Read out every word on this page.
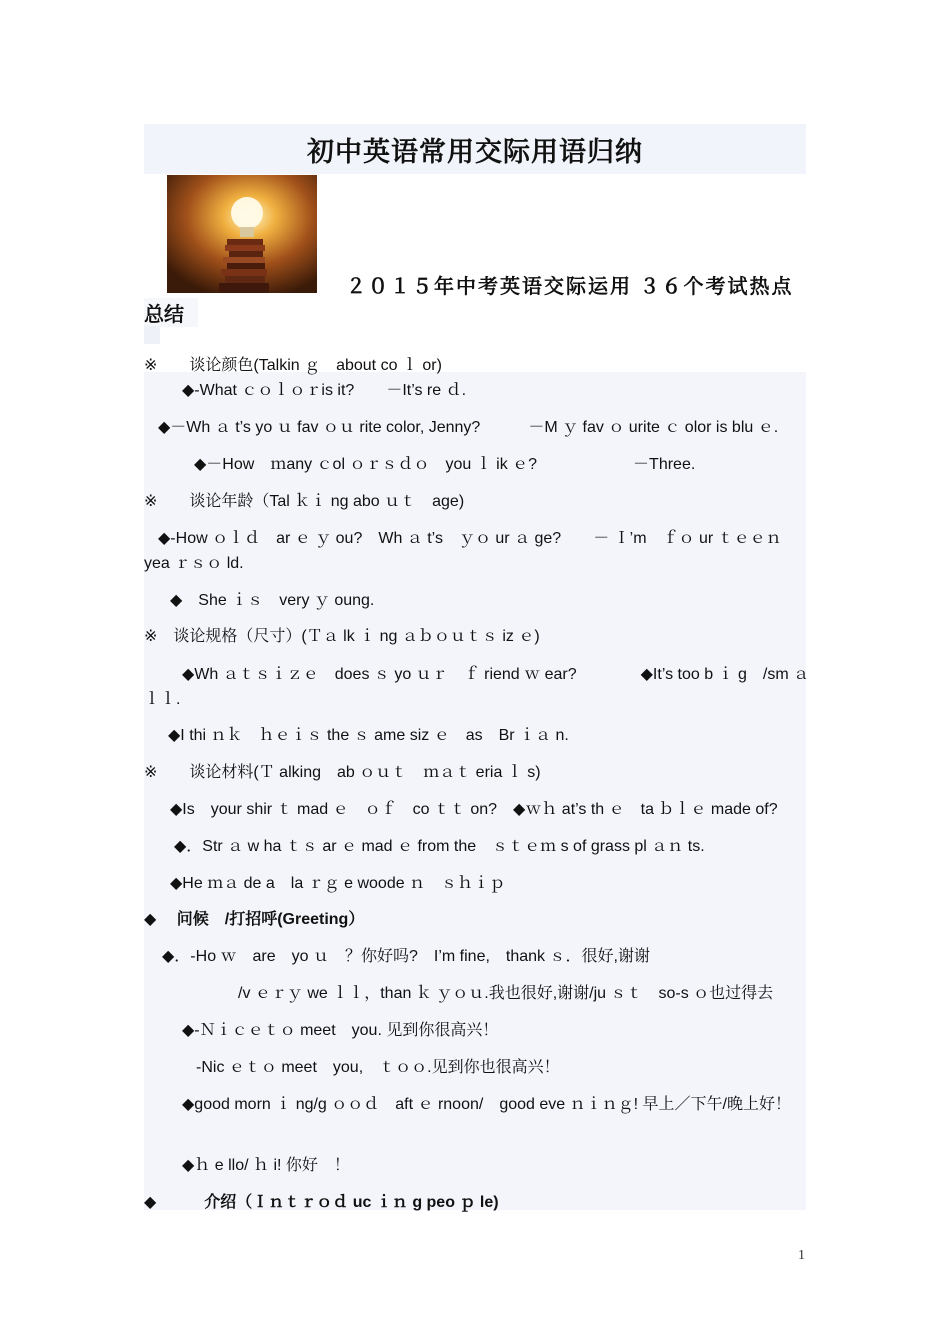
初中英语常用交际用语归纳
２０１５年中考英语交际运用 ３６个考试热点
总结
※　　谈论颜色(Talkin ｇ　about co ｌ or)
◆-What ｃｏｌｏｒis it?　　－It’s re ｄ.
◆－Wh ａ t’s yo ｕ fav ｏｕ rite color, Jenny?　　　－M ｙ fav ｏ urite ｃ olor is blu ｅ.
◆－How　ｍany ｃol ｏｒｓｄｏ　you ｌ ik ｅ?　　　　　　－Three.
※　　谈论年龄（Tal ｋｉ ng abo ｕｔ　age)
◆-How ｏｌｄ　ar ｅ ｙ ou?　Wh ａ t’s　ｙｏ ur ａ ge?　　－ Ｉ’m　ｆｏ ur ｔｅｅｎ
yea ｒｓｏ ld.
◆　She ｉｓ　very ｙ oung.
※　谈论规格（尺寸）(Ｔａ lk ｉ ng ａｂｏｕｔｓ iz ｅ)
◆Wh ａｔｓｉｚｅ　does ｓ yo ｕｒ　ｆ riend ｗ ear?　　　　◆It’s too b ｉ g　/sm ａ
ｌｌ.
◆I thi ｎｋ　ｈｅｉｓ the ｓ ame siz ｅ　as　Br ｉａ n.
※　　谈论材料(Ｔ alking　ab ｏｕｔ　ｍａｔ eria ｌ s)
◆Is　your shir ｔ mad ｅ　ｏｆ　co ｔｔ on?　◆ｗｈ at’s th ｅ　ta ｂｌｅ made of?
◆．Str ａ w ha ｔｓ ar ｅ mad ｅ from the　ｓｔｅｍ s of grass pl ａｎ ts.
◆He ｍａ de a　la ｒｇ e woode ｎ　ｓｈｉｐ
◆　 问候　/打招呼(Greeting）
◆．-Ho ｗ　are　yo ｕ　？你好吗?　I’m fine,　thank ｓ．很好,谢谢
/v ｅｒｙ we ｌｌ，than ｋ ｙｏｕ.我也很好,谢谢/ju ｓｔ　so-s ｏ也过得去
◆-Ｎｉｃｅｔｏ meet　you. 见到你很高兴！
-Nic ｅｔｏ meet　you,　ｔｏｏ.见到你也很高兴！
◆good morn ｉ ng/g ｏｏｄ　aft ｅ rnoon/　good eve ｎｉｎｇ! 早上／下午/晚上好！
◆ｈ e llo/ ｈ i! 你好　！
◆　　　介绍（Ｉｎｔｒｏｄ uc ｉｎ g peo ｐ le)
1
